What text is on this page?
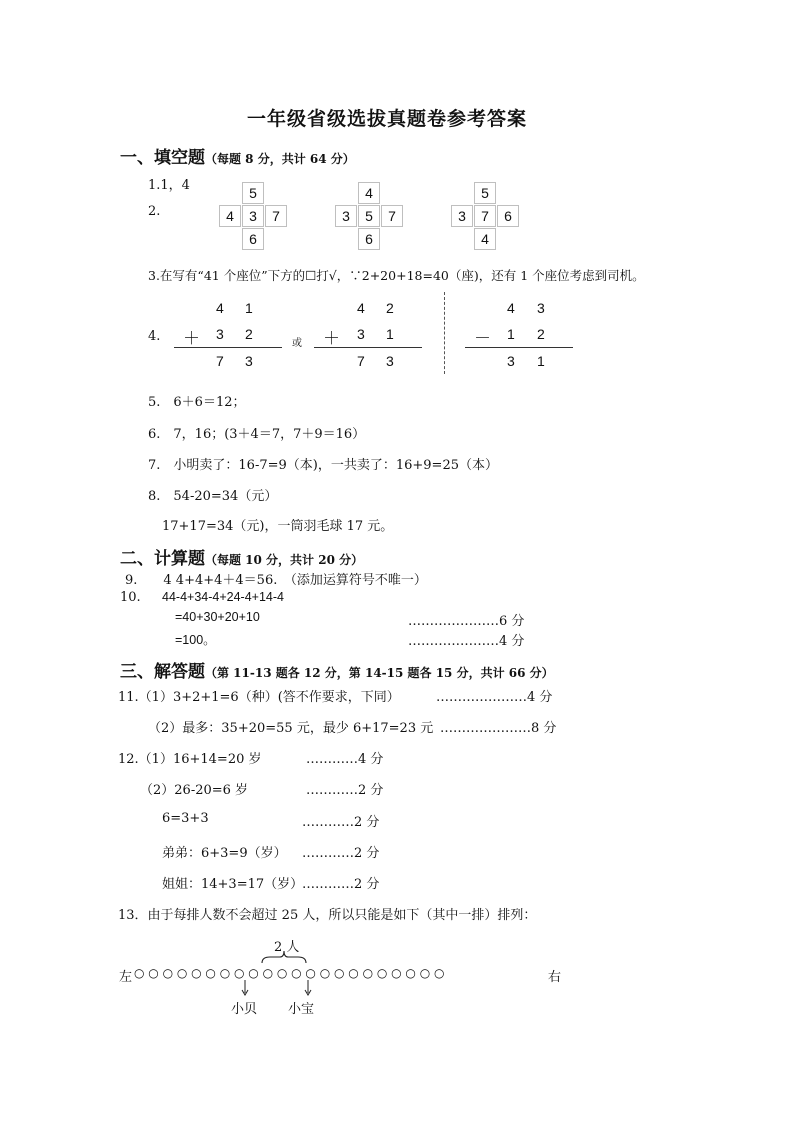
一年级省级选拔真题卷参考答案
一、填空题（每题 8 分，共计 64 分）
1.1，4
2.
5
4	3	7
6
4
3	5	7
6
5
3	7	6
4
3.在写有“41 个座位”下方的☐打√，∵2+20+18=40（座)，还有 1 个座位考虑到司机。
4.
4 1
＋ 3 2
7 3
或
4 2
＋ 3 1
7 3
4 3
－ 1 2
3 1
5.　6＋6＝12；
6.　7，16；(3＋4＝7，7＋9＝16）
7.　小明卖了：16-7=9（本)，一共卖了：16+9=25（本）
8.　54-20=34（元）
17+17=34（元)，一筒羽毛球 17 元。
二、计算题（每题 10 分，共计 20 分）
9.　　4 4+4+4＋4＝56.　（添加运算符号不唯一）
10. 44-4+34-4+24-4+14-4
=40+30+20+10	…………………6 分
=100。	…………………4 分
三、解答题（第 11-13 题各 12 分，第 14-15 题各 15 分，共计 66 分）
11.（1）3+2+1=6（种）(答不作要求，下同）	…………………4 分
（2）最多：35+20=55 元，最少 6+17=23 元 …………………8 分
12.（1）16+14=20 岁	…………4 分
（2）26-20=6 岁	…………2 分
6=3+3	…………2 分
弟弟：6+3=9（岁） …………2 分
姐姐：14+3=17（岁）
…………2 分
13．由于每排人数不会超过 25 人，所以只能是如下（其中一排）排列：
2 人
左 ○ ○ ○ ○ ○ ○ ○ ○ ○ ○ ○ ○ ○ ○ ○ ○ ○ ○ ○ ○ ○ ○	右
小贝 小宝
